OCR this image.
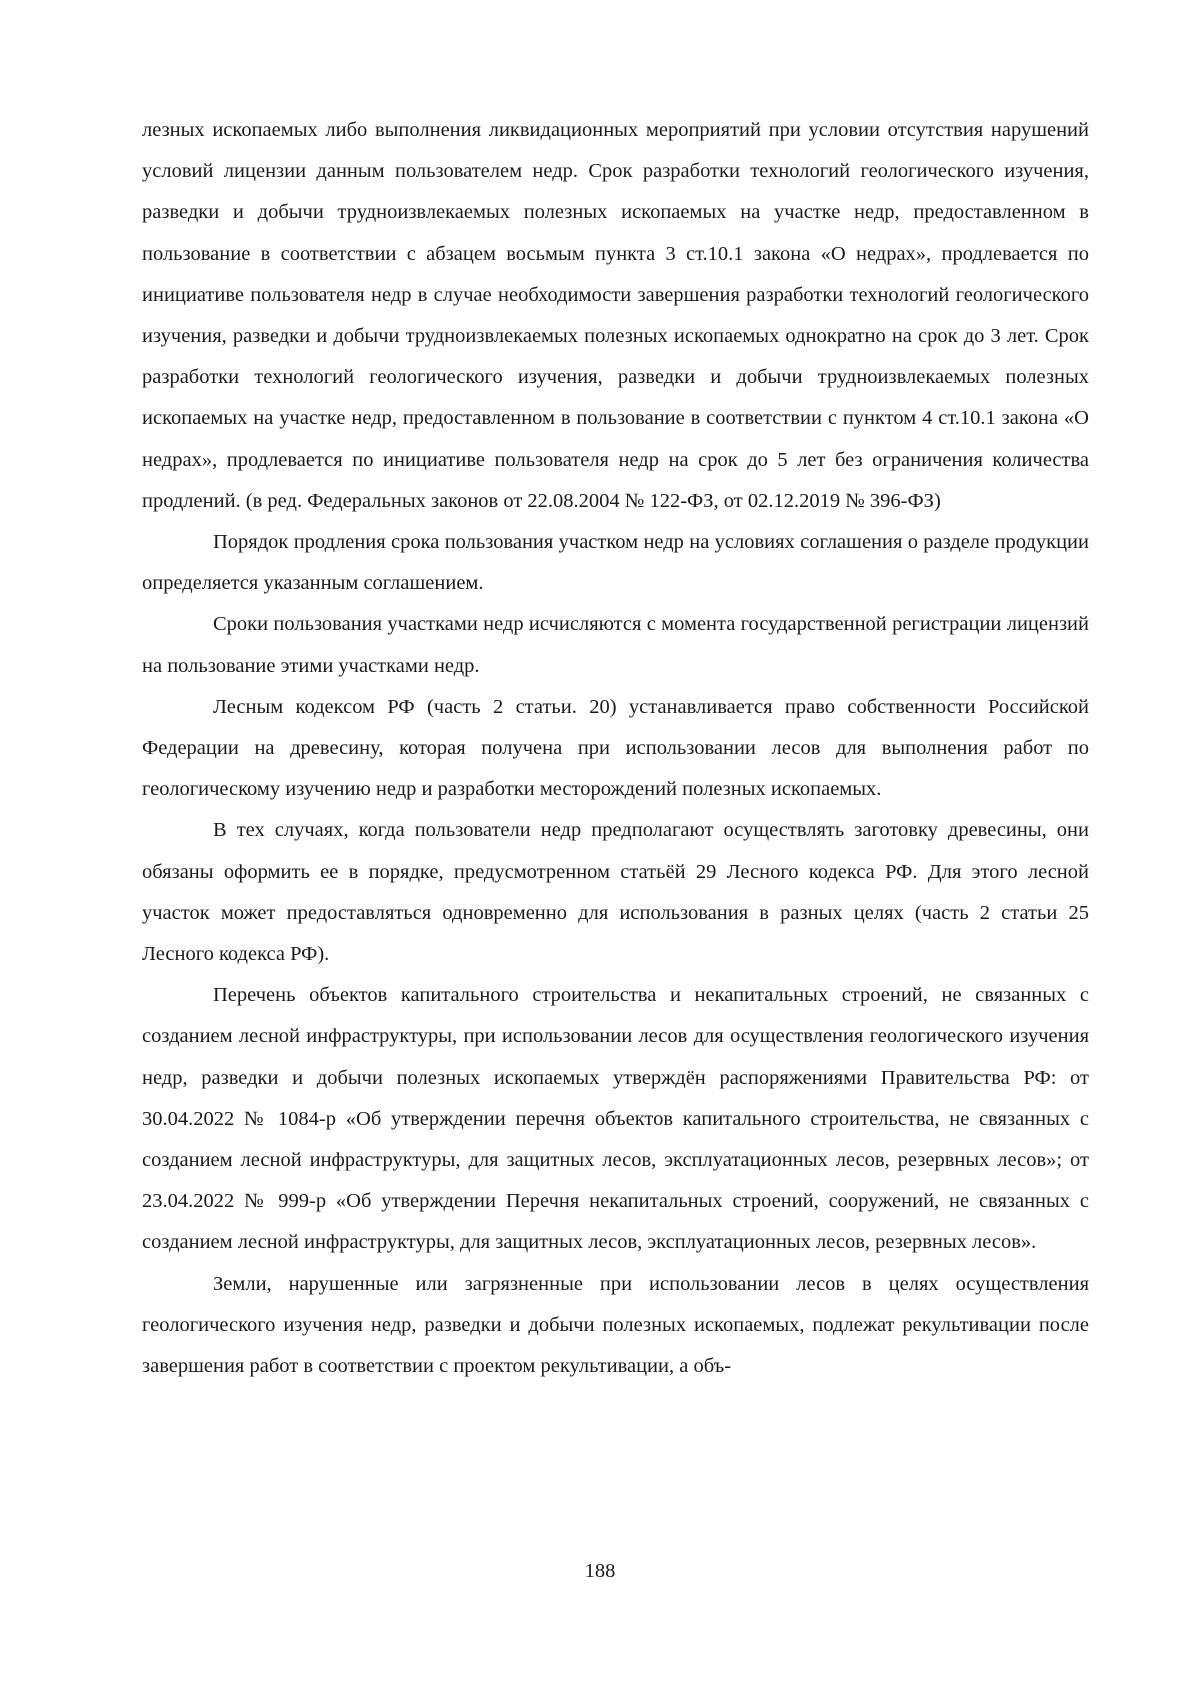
лезных ископаемых либо выполнения ликвидационных мероприятий при условии отсутствия нарушений условий лицензии данным пользователем недр. Срок разработки технологий геологического изучения, разведки и добычи трудноизвлекаемых полезных ископаемых на участке недр, предоставленном в пользование в соответствии с абзацем восьмым пункта 3 ст.10.1 закона «О недрах», продлевается по инициативе пользователя недр в случае необходимости завершения разработки технологий геологического изучения, разведки и добычи трудноизвлекаемых полезных ископаемых однократно на срок до 3 лет. Срок разработки технологий геологического изучения, разведки и добычи трудноизвлекаемых полезных ископаемых на участке недр, предоставленном в пользование в соответствии с пунктом 4 ст.10.1 закона «О недрах», продлевается по инициативе пользователя недр на срок до 5 лет без ограничения количества продлений. (в ред. Федеральных законов от 22.08.2004 № 122-ФЗ, от 02.12.2019 № 396-ФЗ)

Порядок продления срока пользования участком недр на условиях соглашения о разделе продукции определяется указанным соглашением.

Сроки пользования участками недр исчисляются с момента государственной регистрации лицензий на пользование этими участками недр.

Лесным кодексом РФ (часть 2 статьи. 20) устанавливается право собственности Российской Федерации на древесину, которая получена при использовании лесов для выполнения работ по геологическому изучению недр и разработки месторождений полезных ископаемых.

В тех случаях, когда пользователи недр предполагают осуществлять заготовку древесины, они обязаны оформить ее в порядке, предусмотренном статьёй 29 Лесного кодекса РФ. Для этого лесной участок может предоставляться одновременно для использования в разных целях (часть 2 статьи 25 Лесного кодекса РФ).

Перечень объектов капитального строительства и некапитальных строений, не связанных с созданием лесной инфраструктуры, при использовании лесов для осуществления геологического изучения недр, разведки и добычи полезных ископаемых утверждён распоряжениями Правительства РФ: от 30.04.2022 № 1084-р «Об утверждении перечня объектов капитального строительства, не связанных с созданием лесной инфраструктуры, для защитных лесов, эксплуатационных лесов, резервных лесов»; от 23.04.2022 № 999-р «Об утверждении Перечня некапитальных строений, сооружений, не связанных с созданием лесной инфраструктуры, для защитных лесов, эксплуатационных лесов, резервных лесов».

Земли, нарушенные или загрязненные при использовании лесов в целях осуществления геологического изучения недр, разведки и добычи полезных ископаемых, подлежат рекультивации после завершения работ в соответствии с проектом рекультивации, а объ-

188
